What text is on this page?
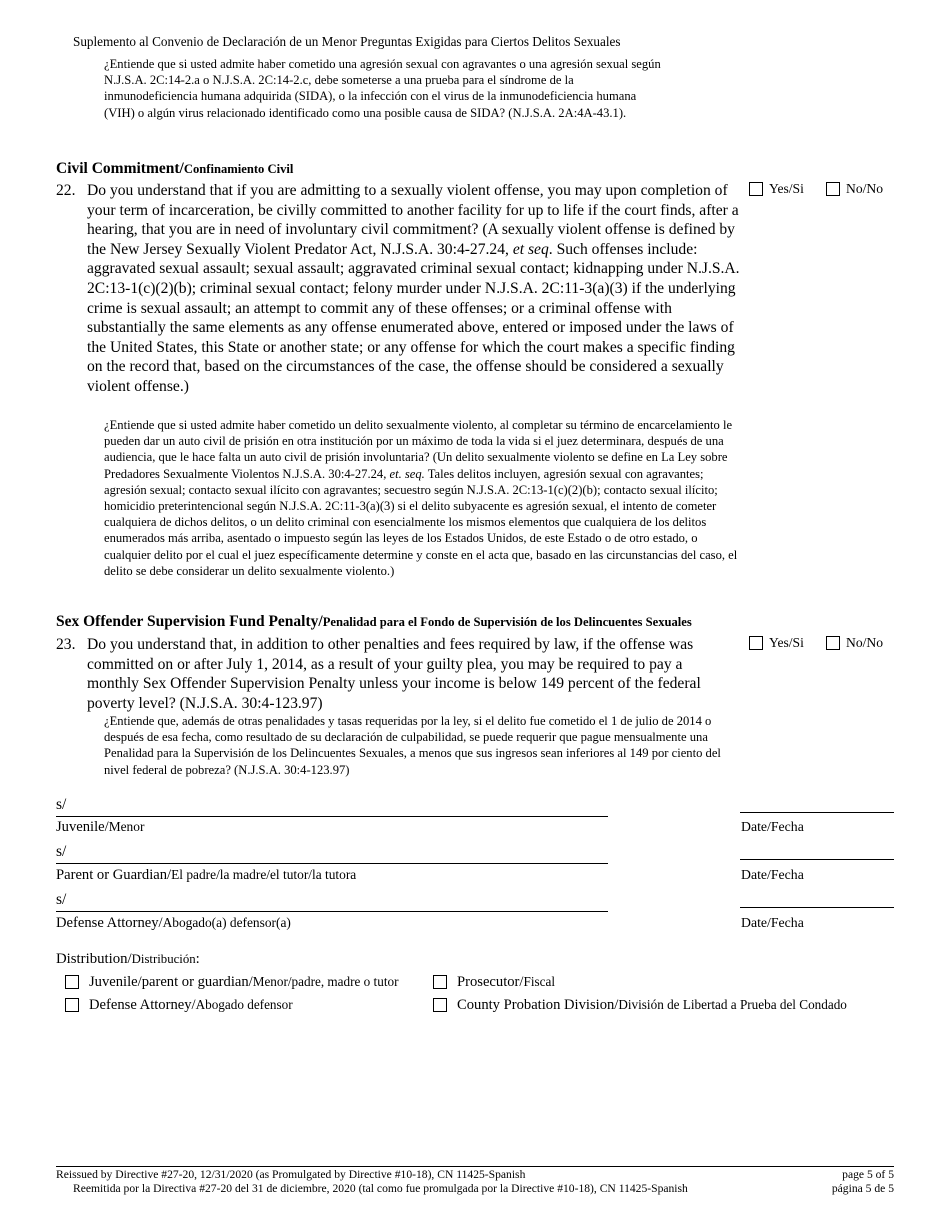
Suplemento al Convenio de Declaración de un Menor Preguntas Exigidas para Ciertos Delitos Sexuales
¿Entiende que si usted admite haber cometido una agresión sexual con agravantes o una agresión sexual según N.J.S.A. 2C:14-2.a o N.J.S.A. 2C:14-2.c, debe someterse a una prueba para el síndrome de la inmunodeficiencia humana adquirida (SIDA), o la infección con el virus de la inmunodeficiencia humana (VIH) o algún virus relacionado identificado como una posible causa de SIDA? (N.J.S.A. 2A:4A-43.1).
Civil Commitment/Confinamiento Civil
22. Do you understand that if you are admitting to a sexually violent offense, you may upon completion of your term of incarceration, be civilly committed to another facility for up to life if the court finds, after a hearing, that you are in need of involuntary civil commitment? (A sexually violent offense is defined by the New Jersey Sexually Violent Predator Act, N.J.S.A. 30:4-27.24, et seq. Such offenses include: aggravated sexual assault; sexual assault; aggravated criminal sexual contact; kidnapping under N.J.S.A. 2C:13-1(c)(2)(b); criminal sexual contact; felony murder under N.J.S.A. 2C:11-3(a)(3) if the underlying crime is sexual assault; an attempt to commit any of these offenses; or a criminal offense with substantially the same elements as any offense enumerated above, entered or imposed under the laws of the United States, this State or another state; or any offense for which the court makes a specific finding on the record that, based on the circumstances of the case, the offense should be considered a sexually violent offense.)
¿Entiende que si usted admite haber cometido un delito sexualmente violento, al completar su término de encarcelamiento le pueden dar un auto civil de prisión en otra institución por un máximo de toda la vida si el juez determinara, después de una audiencia, que le hace falta un auto civil de prisión involuntaria? (Un delito sexualmente violento se define en La Ley sobre Predadores Sexualmente Violentos N.J.S.A. 30:4-27.24, et. seq. Tales delitos incluyen, agresión sexual con agravantes; agresión sexual; contacto sexual ilícito con agravantes; secuestro según N.J.S.A. 2C:13-1(c)(2)(b); contacto sexual ilícito; homicidio preterintencional según N.J.S.A. 2C:11-3(a)(3) si el delito subyacente es agresión sexual, el intento de cometer cualquiera de dichos delitos, o un delito criminal con esencialmente los mismos elementos que cualquiera de los delitos enumerados más arriba, asentado o impuesto según las leyes de los Estados Unidos, de este Estado o de otro estado, o cualquier delito por el cual el juez específicamente determine y conste en el acta que, basado en las circunstancias del caso, el delito se debe considerar un delito sexualmente violento.)
Yes/Si	No/No
Sex Offender Supervision Fund Penalty/Penalidad para el Fondo de Supervisión de los Delincuentes Sexuales
23. Do you understand that, in addition to other penalties and fees required by law, if the offense was committed on or after July 1, 2014, as a result of your guilty plea, you may be required to pay a monthly Sex Offender Supervision Penalty unless your income is below 149 percent of the federal poverty level? (N.J.S.A. 30:4-123.97)
¿Entiende que, además de otras penalidades y tasas requeridas por la ley, si el delito fue cometido el 1 de julio de 2014 o después de esa fecha, como resultado de su declaración de culpabilidad, se puede requerir que pague mensualmente una Penalidad para la Supervisión de los Delincuentes Sexuales, a menos que sus ingresos sean inferiores al 149 por ciento del nivel federal de pobreza? (N.J.S.A. 30:4-123.97)
Yes/Si	No/No
s/
Juvenile/Menor	Date/Fecha
s/
Parent or Guardian/El padre/la madre/el tutor/la tutora	Date/Fecha
s/
Defense Attorney/Abogado(a) defensor(a)	Date/Fecha
Distribution/Distribución:
Juvenile/parent or guardian/ Menor/padre, madre o tutor	Prosecutor/ Fiscal
Defense Attorney/ Abogado defensor	County Probation Division/ División de Libertad a Prueba del Condado
Reissued by Directive #27-20, 12/31/2020 (as Promulgated by Directive #10-18), CN 11425-Spanish
Reemitida por la Directiva #27-20 del 31 de diciembre, 2020 (tal como fue promulgada por la Directive #10-18), CN 11425-Spanish
page 5 of 5
página 5 de 5
